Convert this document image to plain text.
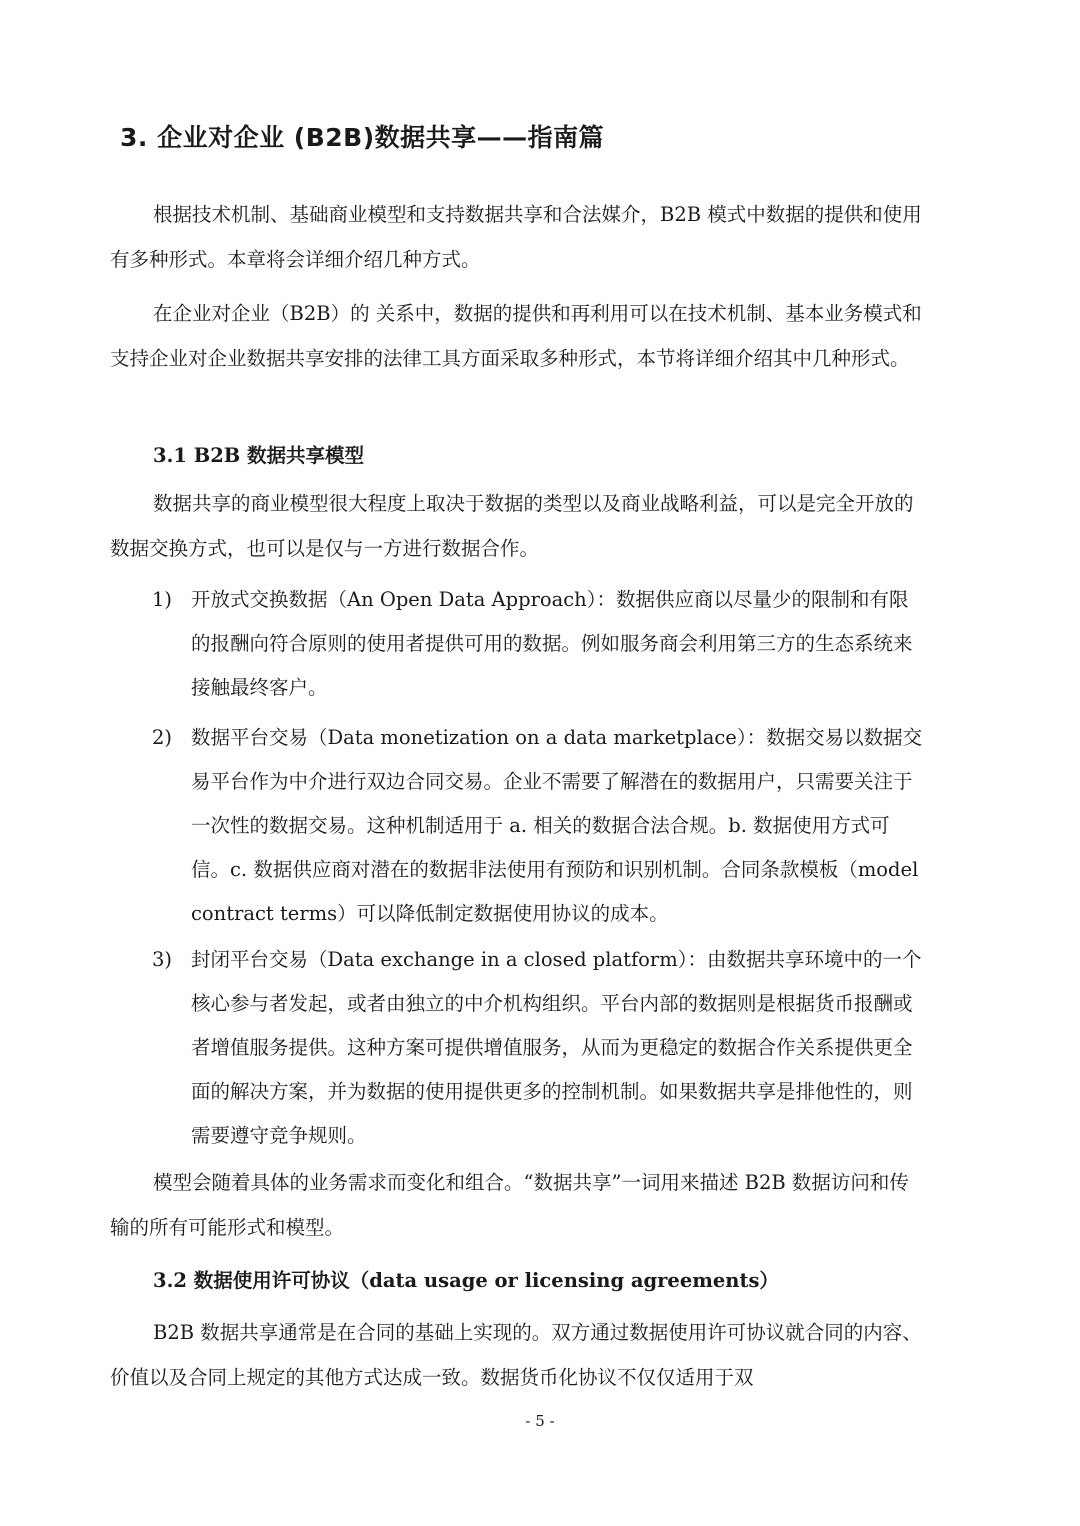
3. 企业对企业 (B2B)数据共享——指南篇
根据技术机制、基础商业模型和支持数据共享和合法媒介，B2B 模式中数据的提供和使用有多种形式。本章将会详细介绍几种方式。
在企业对企业（B2B）的 关系中，数据的提供和再利用可以在技术机制、基本业务模式和支持企业对企业数据共享安排的法律工具方面采取多种形式，本节将详细介绍其中几种形式。
3.1 B2B 数据共享模型
数据共享的商业模型很大程度上取决于数据的类型以及商业战略利益，可以是完全开放的数据交换方式，也可以是仅与一方进行数据合作。
1) 开放式交换数据（An Open Data Approach）：数据供应商以尽量少的限制和有限的报酬向符合原则的使用者提供可用的数据。例如服务商会利用第三方的生态系统来接触最终客户。
2) 数据平台交易（Data monetization on a data marketplace）：数据交易以数据交易平台作为中介进行双边合同交易。企业不需要了解潜在的数据用户，只需要关注于一次性的数据交易。这种机制适用于 a. 相关的数据合法合规。b. 数据使用方式可信。c. 数据供应商对潜在的数据非法使用有预防和识别机制。合同条款模板（model contract terms）可以降低制定数据使用协议的成本。
3) 封闭平台交易（Data exchange in a closed platform）：由数据共享环境中的一个核心参与者发起，或者由独立的中介机构组织。平台内部的数据则是根据货币报酬或者增值服务提供。这种方案可提供增值服务，从而为更稳定的数据合作关系提供更全面的解决方案，并为数据的使用提供更多的控制机制。如果数据共享是排他性的，则需要遵守竞争规则。
模型会随着具体的业务需求而变化和组合。“数据共享”一词用来描述 B2B 数据访问和传输的所有可能形式和模型。
3.2 数据使用许可协议（data usage or licensing agreements）
B2B 数据共享通常是在合同的基础上实现的。双方通过数据使用许可协议就合同的内容、价值以及合同上规定的其他方式达成一致。数据货币化协议不仅仅适用于双
- 5 -
